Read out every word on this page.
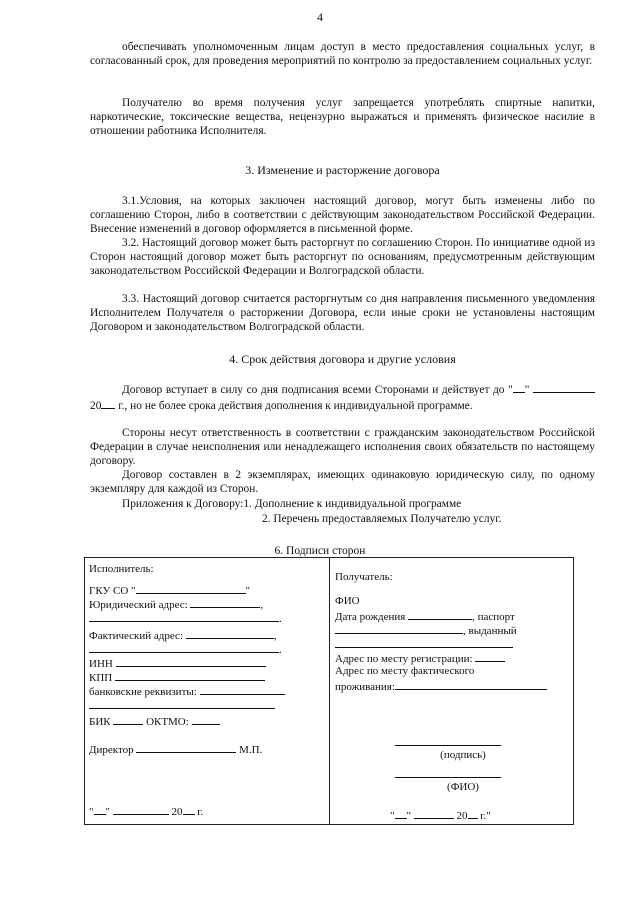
4

обеспечивать уполномоченным лицам доступ в место предоставления социальных услуг, в согласованный срок, для проведения мероприятий по контролю за предоставлением социальных услуг.

Получателю во время получения услуг запрещается употреблять спиртные напитки, наркотические, токсические вещества, нецензурно выражаться и применять физическое насилие в отношении работника Исполнителя.

3. Изменение и расторжение договора

3.1.Условия, на которых заключен настоящий договор, могут быть изменены либо по соглашению Сторон, либо в соответствии с действующим законодательством Российской Федерации. Внесение изменений в договор оформляется в письменной форме.

3.2. Настоящий договор может быть расторгнут по соглашению Сторон. По инициативе одной из Сторон настоящий договор может быть расторгнут по основаниям, предусмотренным действующим законодательством Российской Федерации и Волгоградской области.

3.3. Настоящий договор считается расторгнутым со дня направления письменного уведомления Исполнителем Получателя о расторжении Договора, если иные сроки не установлены настоящим Договором и законодательством Волгоградской области.

4. Срок действия договора и другие условия

Договор вступает в силу со дня подписания всеми Сторонами и действует до " "  20 г., но не более срока действия дополнения к индивидуальной программе.

Стороны несут ответственность в соответствии с гражданским законодательством Российской Федерации в случае неисполнения или ненадлежащего исполнения своих обязательств по настоящему договору.

Договор составлен в 2 экземплярах, имеющих одинаковую юридическую силу, по одному экземпляру для каждой из Сторон.

Приложения к Договору:1. Дополнение к индивидуальной программе
2. Перечень предоставляемых Получателю услуг.
6. Подписи сторон
Исполнитель:
ГКУ СО "	"
Юридический адрес:	,
.
Фактический адрес:	,
.
ИНН
КПП
банковские реквизиты:
БИК	ОКТМО:
Директор	М.П.
" "	20 г.
Получатель:
ФИО
Дата рождения	, паспорт
, выданный
Адрес по месту регистрации:
Адрес по месту фактического
проживания:
(подпись)
(ФИО)
" "	20 г."
